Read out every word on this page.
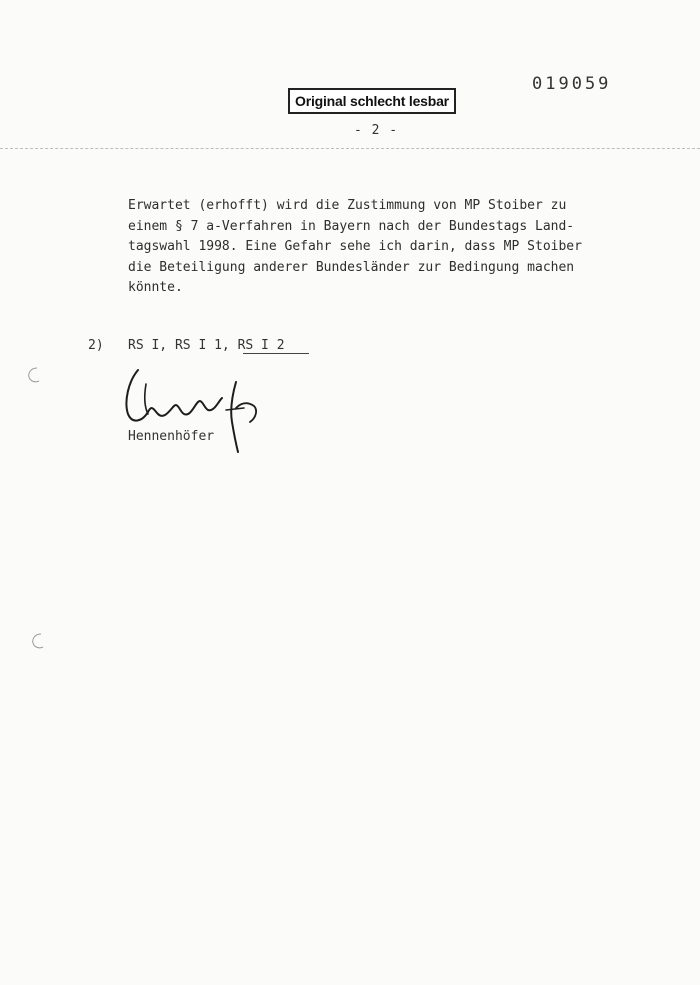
019059
Original schlecht lesbar
- 2 -
Erwartet (erhofft) wird die Zustimmung von MP Stoiber zu
einem § 7 a-Verfahren in Bayern nach der Bundestags Land-
tagswahl 1998. Eine Gefahr sehe ich darin, dass MP Stoiber
die Beteiligung anderer Bundesländer zur Bedingung machen
könnte.
2) RS I, RS I 1, RS I 2
Hennenhöfer
